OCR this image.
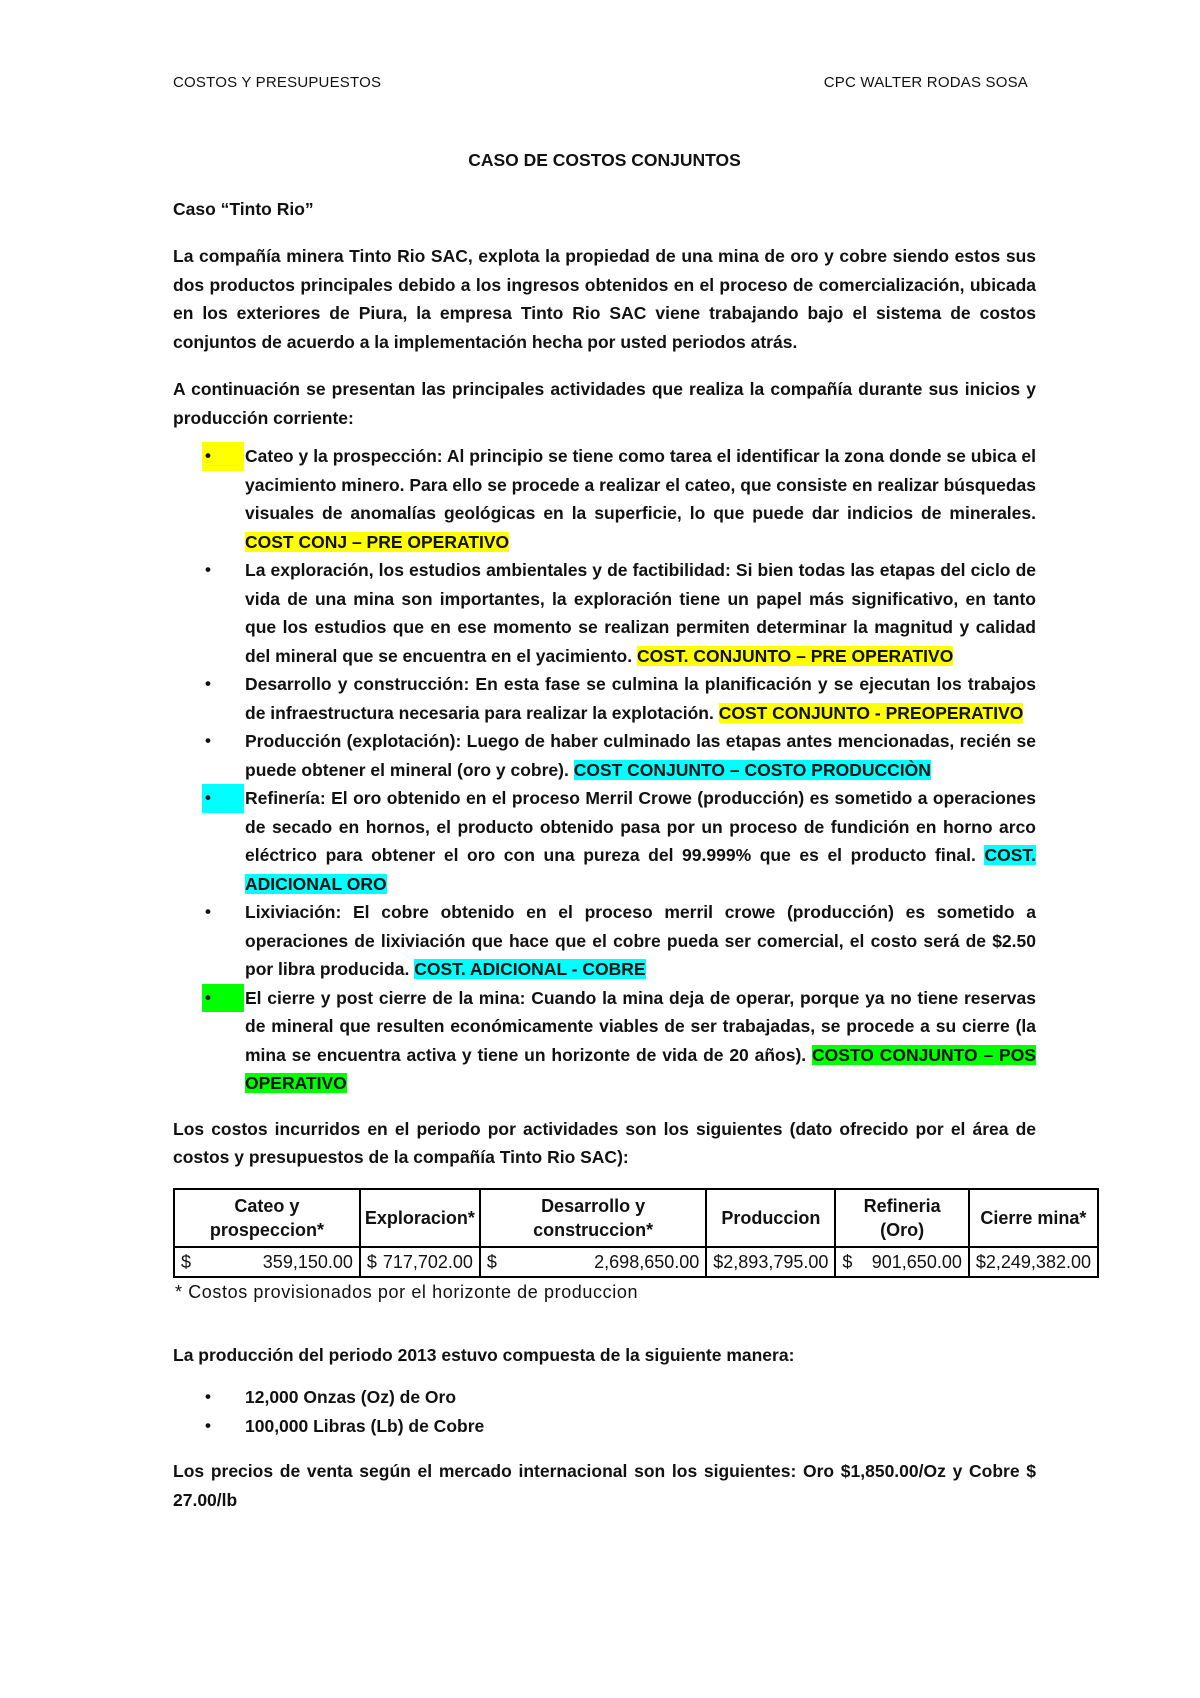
COSTOS Y PRESUPUESTOS	CPC WALTER RODAS SOSA

CASO DE COSTOS CONJUNTOS

Caso “Tinto Rio”

La compañía minera Tinto Rio SAC, explota la propiedad de una mina de oro y cobre siendo estos sus dos productos principales debido a los ingresos obtenidos en el proceso de comercialización, ubicada en los exteriores de Piura, la empresa Tinto Rio SAC viene trabajando bajo el sistema de costos conjuntos de acuerdo a la implementación hecha por usted periodos atrás.

A continuación se presentan las principales actividades que realiza la compañía durante sus inicios y producción corriente:

•	Cateo y la prospección: Al principio se tiene como tarea el identificar la zona donde se ubica el yacimiento minero. Para ello se procede a realizar el cateo, que consiste en realizar búsquedas visuales de anomalías geológicas en la superficie, lo que puede dar indicios de minerales. COST CONJ – PRE OPERATIVO
•	La exploración, los estudios ambientales y de factibilidad: Si bien todas las etapas del ciclo de vida de una mina son importantes, la exploración tiene un papel más significativo, en tanto que los estudios que en ese momento se realizan permiten determinar la magnitud y calidad del mineral que se encuentra en el yacimiento. COST. CONJUNTO – PRE OPERATIVO
•	Desarrollo y construcción: En esta fase se culmina la planificación y se ejecutan los trabajos de infraestructura necesaria para realizar la explotación. COST CONJUNTO - PREOPERATIVO
•	Producción (explotación): Luego de haber culminado las etapas antes mencionadas, recién se puede obtener el mineral (oro y cobre). COST CONJUNTO – COSTO PRODUCCIÒN
•	Refinería: El oro obtenido en el proceso Merril Crowe (producción) es sometido a operaciones de secado en hornos, el producto obtenido pasa por un proceso de fundición en horno arco eléctrico para obtener el oro con una pureza del 99.999% que es el producto final. COST. ADICIONAL ORO
•	Lixiviación: El cobre obtenido en el proceso merril crowe (producción) es sometido a operaciones de lixiviación que hace que el cobre pueda ser comercial, el costo será de $2.50 por libra producida. COST. ADICIONAL - COBRE
•	El cierre y post cierre de la mina: Cuando la mina deja de operar, porque ya no tiene reservas de mineral que resulten económicamente viables de ser trabajadas, se procede a su cierre (la mina se encuentra activa y tiene un horizonte de vida de 20 años). COSTO CONJUNTO – POS OPERATIVO

Los costos incurridos en el periodo por actividades son los siguientes (dato ofrecido por el área de costos y presupuestos de la compañía Tinto Rio SAC):

Cateo y prospeccion*	Exploracion*	Desarrollo y construccion*	Produccion	Refineria (Oro)	Cierre mina*

$ 359,150.00	$ 717,702.00	$ 2,698,650.00	$ 2,893,795.00	$ 901,650.00	$ 2,249,382.00

* Costos provisionados por el horizonte de produccion

La producción del periodo 2013 estuvo compuesta de la siguiente manera:

•	12,000 Onzas (Oz) de Oro
•	100,000 Libras (Lb) de Cobre

Los precios de venta según el mercado internacional son los siguientes: Oro $1,850.00/Oz y Cobre $ 27.00/lb
